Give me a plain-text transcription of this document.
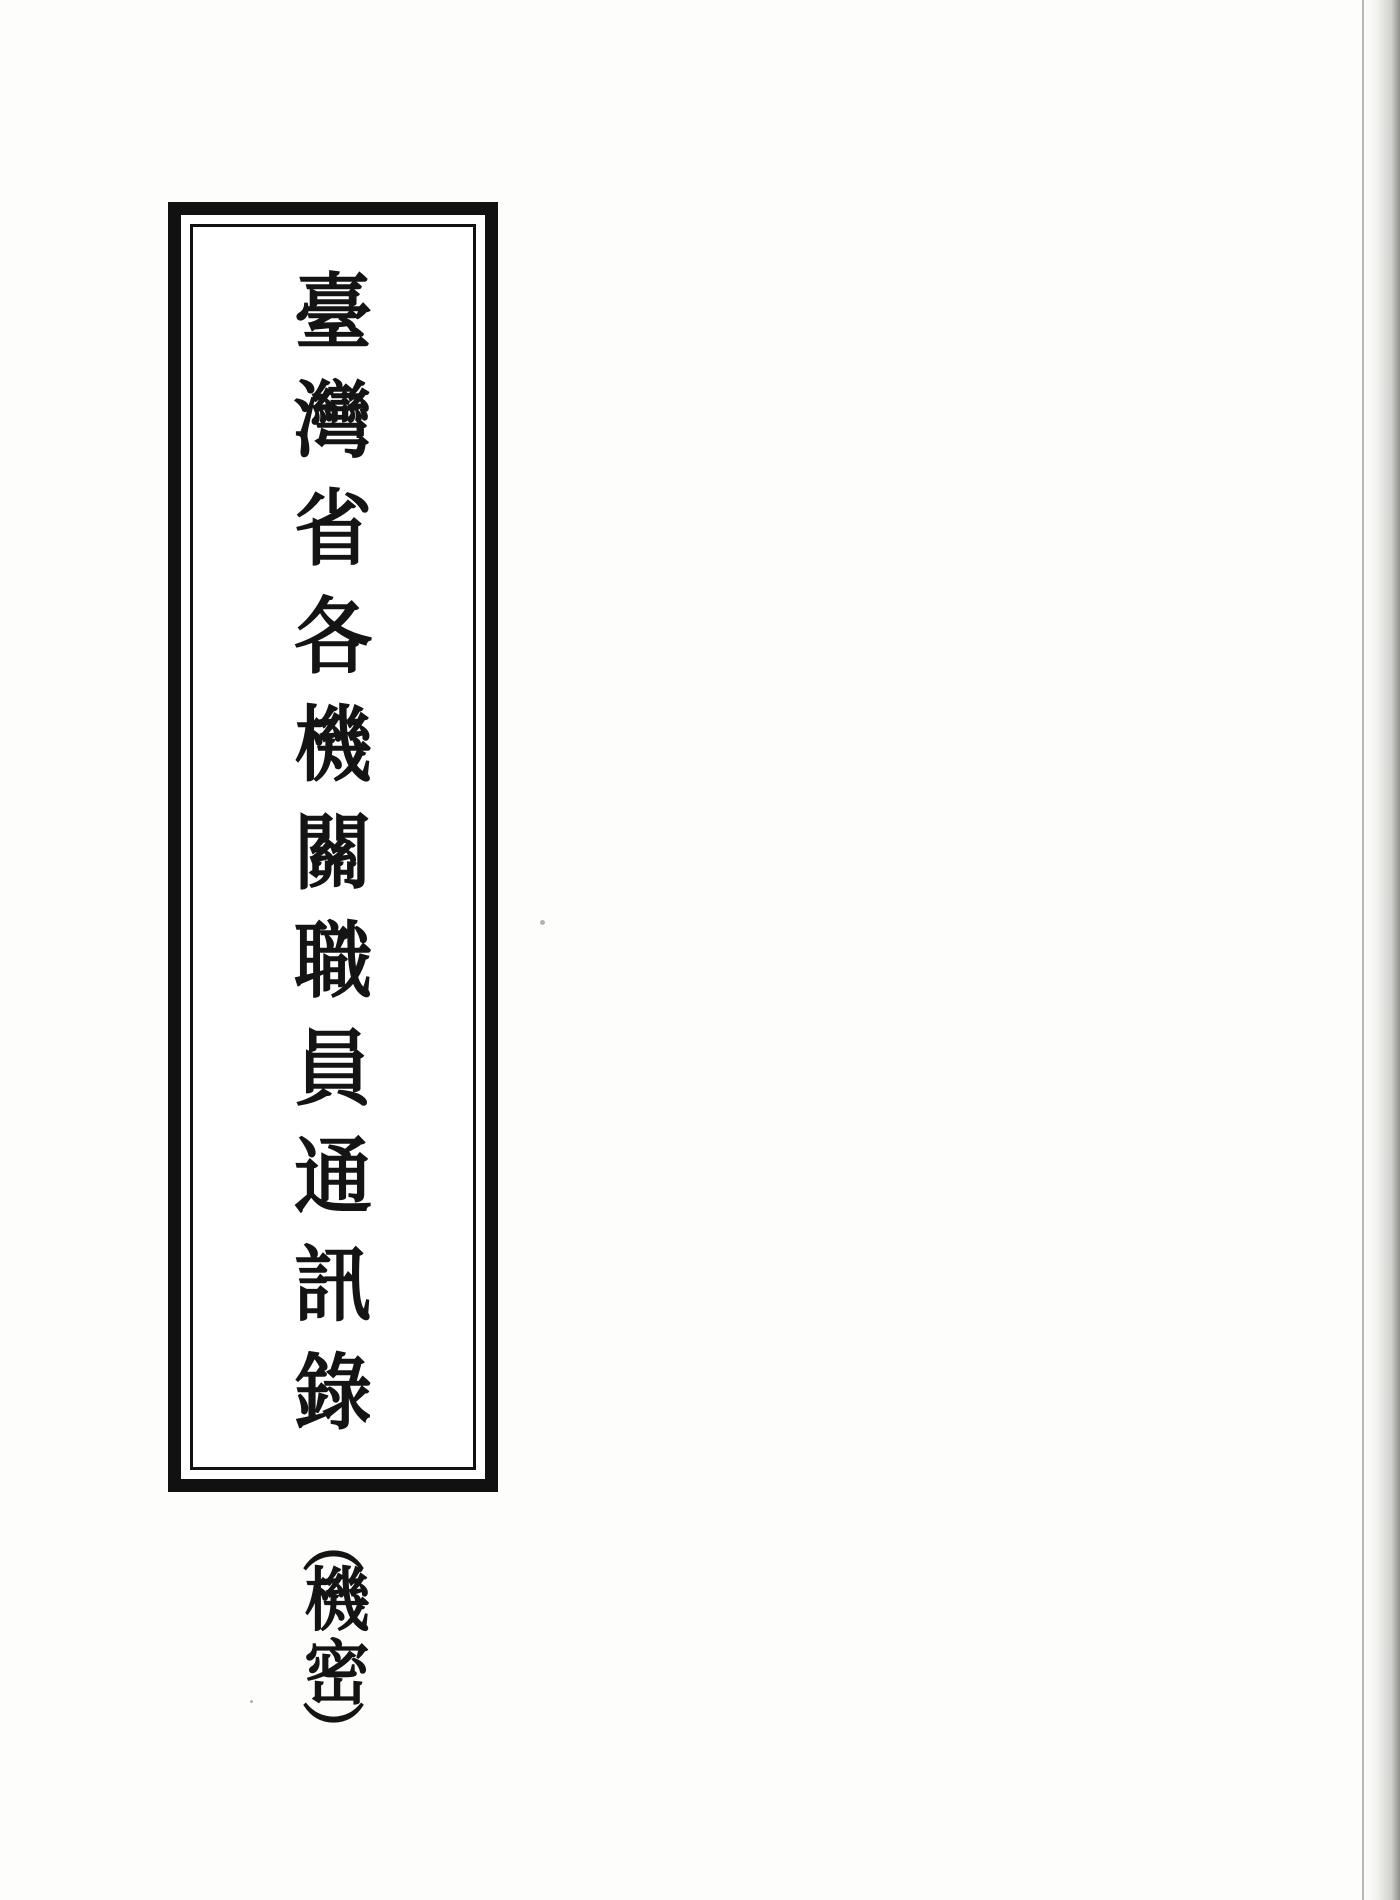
臺
灣
省
各
機
關
職
員
通
訊
錄
（
機
密
）
